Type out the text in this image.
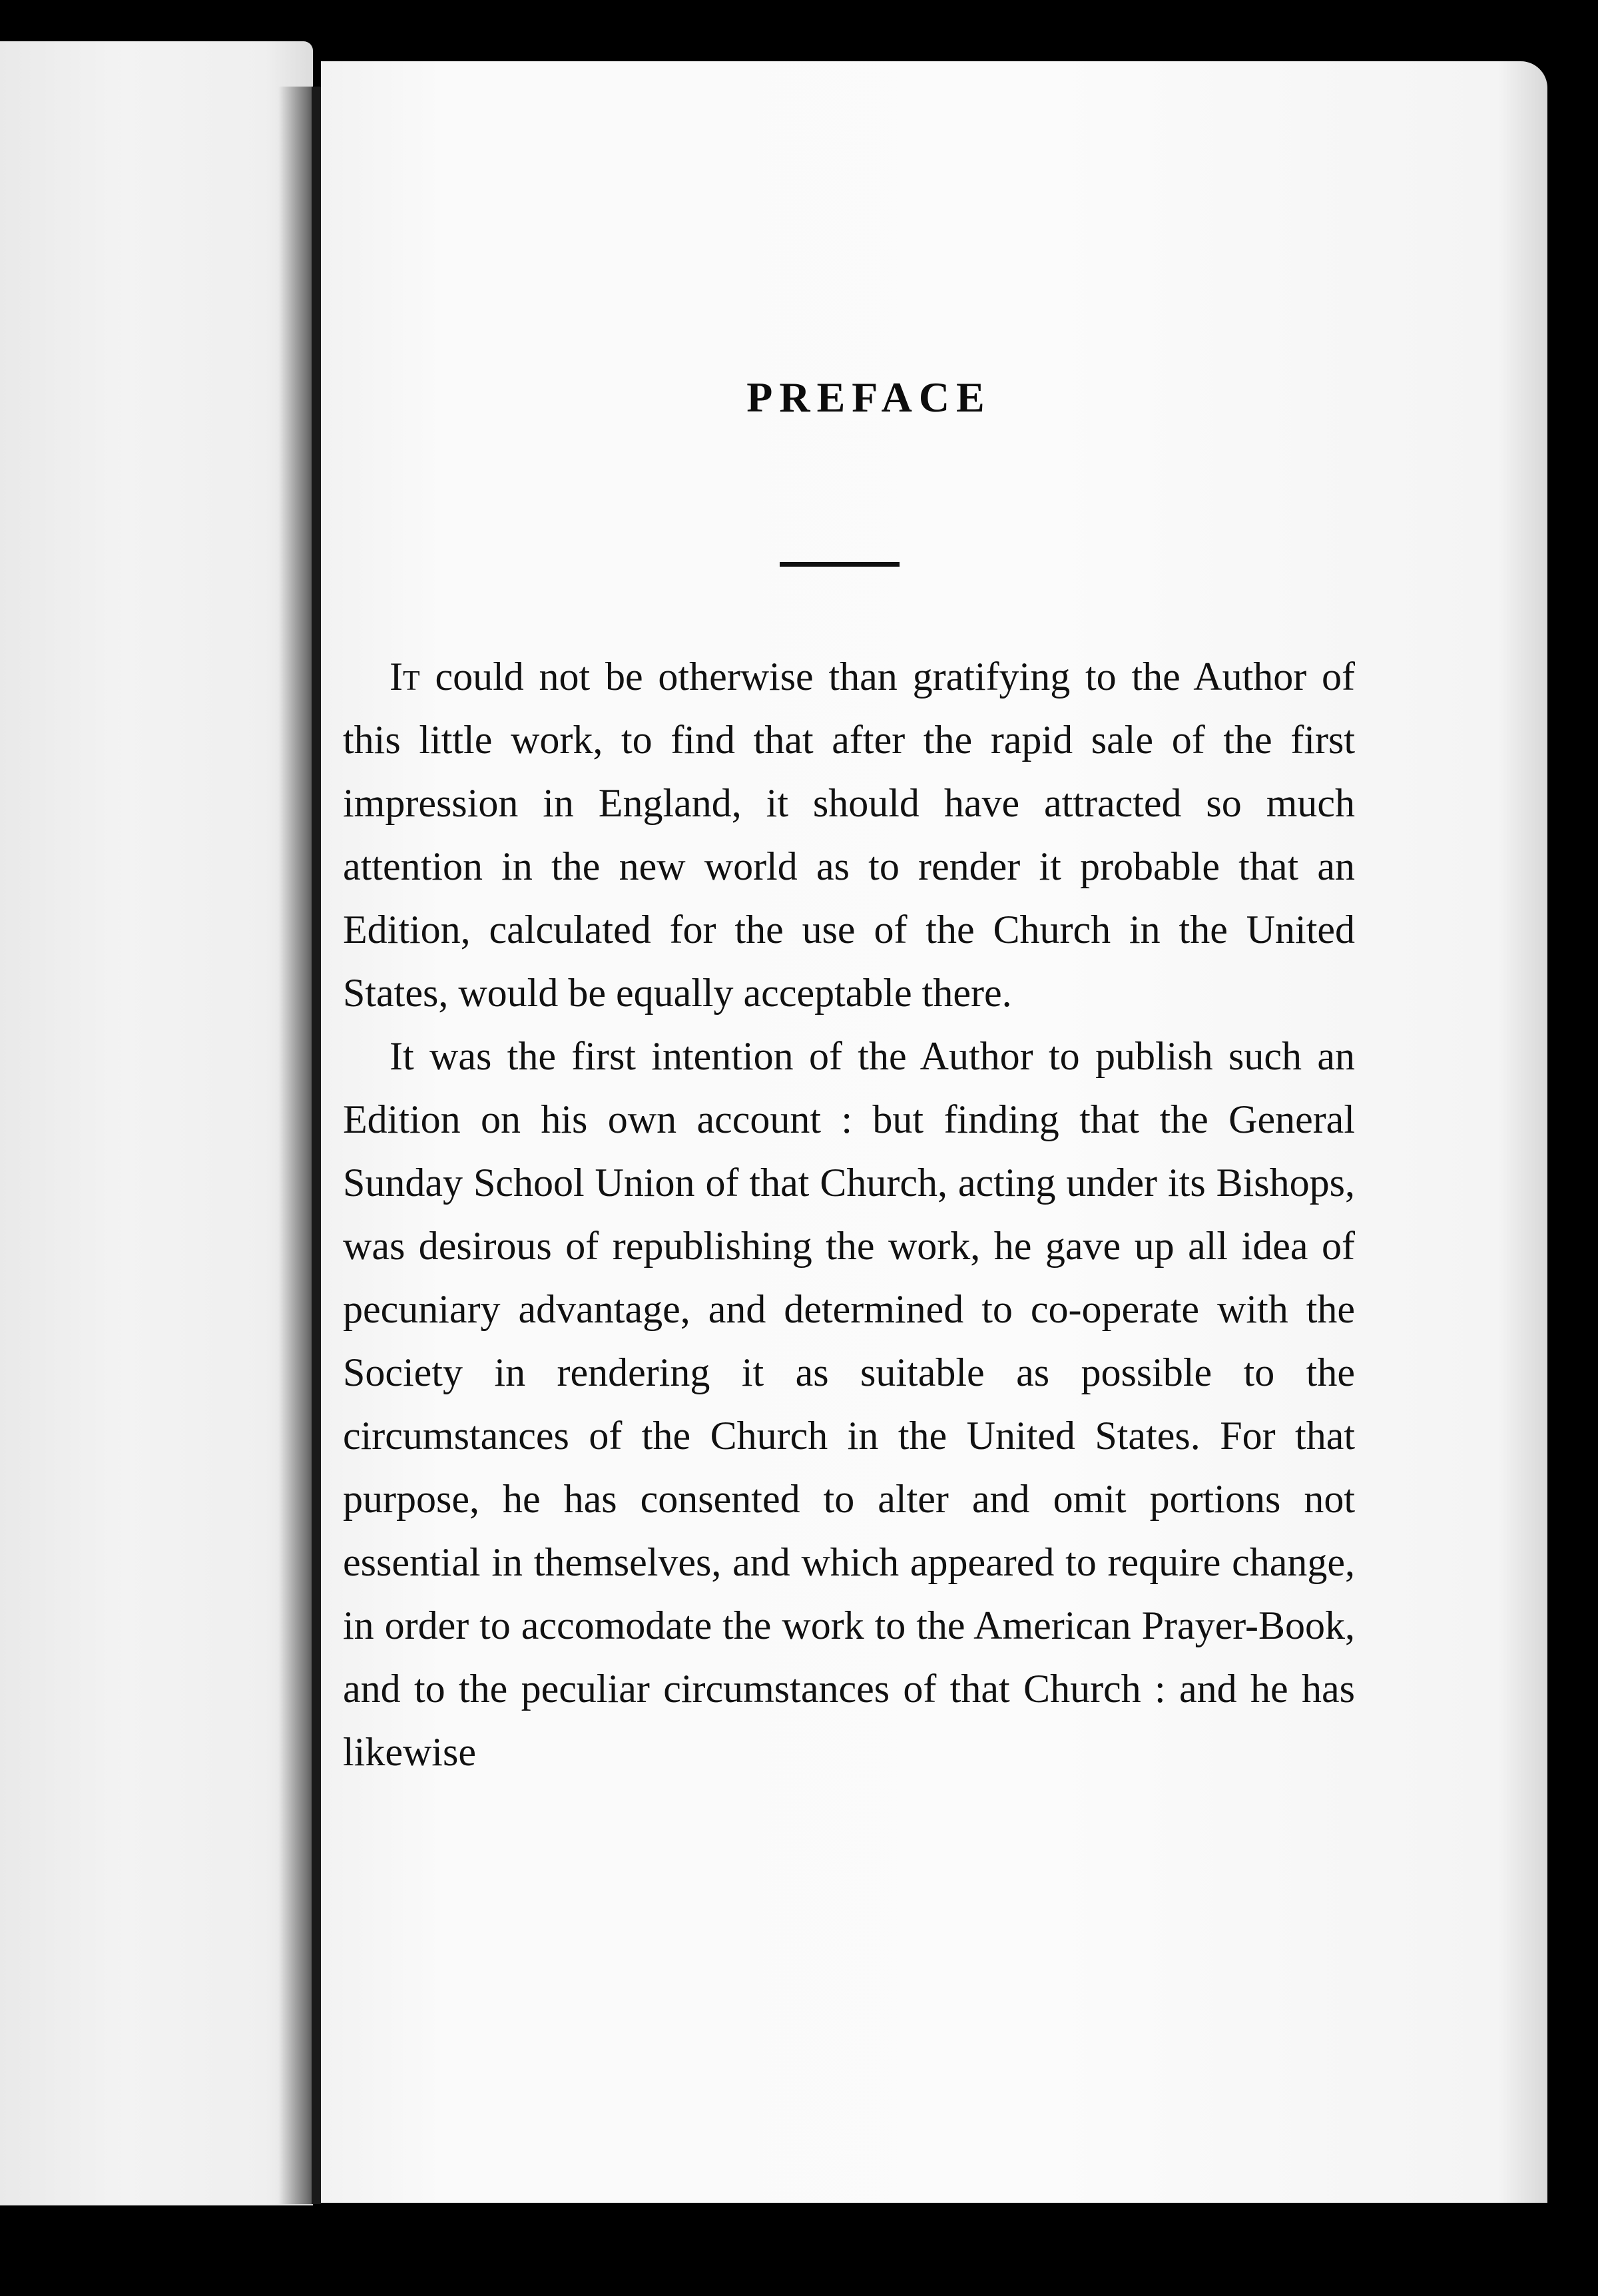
PREFACE

It could not be otherwise than gratifying to the Author of this little work, to find that after the rapid sale of the first impression in England, it should have attracted so much attention in the new world as to render it probable that an Edition, calculated for the use of the Church in the United States, would be equally acceptable there.

It was the first intention of the Author to publish such an Edition on his own account : but finding that the General Sunday School Union of that Church, acting under its Bishops, was desirous of republishing the work, he gave up all idea of pecuniary advantage, and determined to co-operate with the Society in rendering it as suitable as possible to the circumstances of the Church in the United States. For that purpose, he has consented to alter and omit portions not essential in themselves, and which appeared to require change, in order to accomodate the work to the American Prayer-Book, and to the peculiar circumstances of that Church : and he has likewise
